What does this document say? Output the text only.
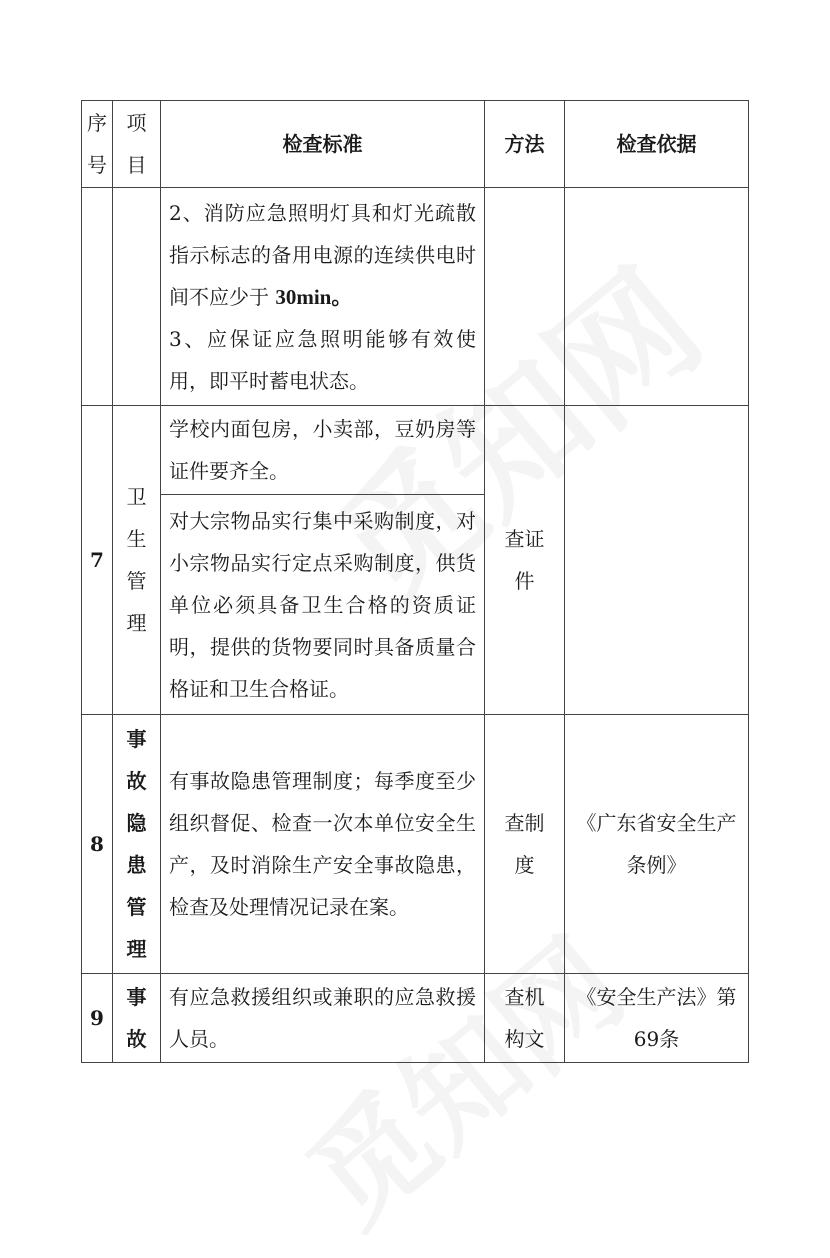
序号	项目	检查标准	方法	检查依据

		2、消防应急照明灯具和灯光疏散指示标志的备用电源的连续供电时间不应少于 30min。
3、应保证应急照明能够有效使用，即平时蓄电状态。		

7	卫生管理	学校内面包房，小卖部，豆奶房等证件要齐全。	查证件	

		对大宗物品实行集中采购制度，对小宗物品实行定点采购制度，供货单位必须具备卫生合格的资质证明，提供的货物要同时具备质量合格证和卫生合格证。		

8	事故隐患管理	有事故隐患管理制度；每季度至少组织督促、检查一次本单位安全生产，及时消除生产安全事故隐患，检查及处理情况记录在案。	查制度	《广东省安全生产条例》

9	事故	有应急救援组织或兼职的应急救援人员。	查机构文	《安全生产法》第69条
